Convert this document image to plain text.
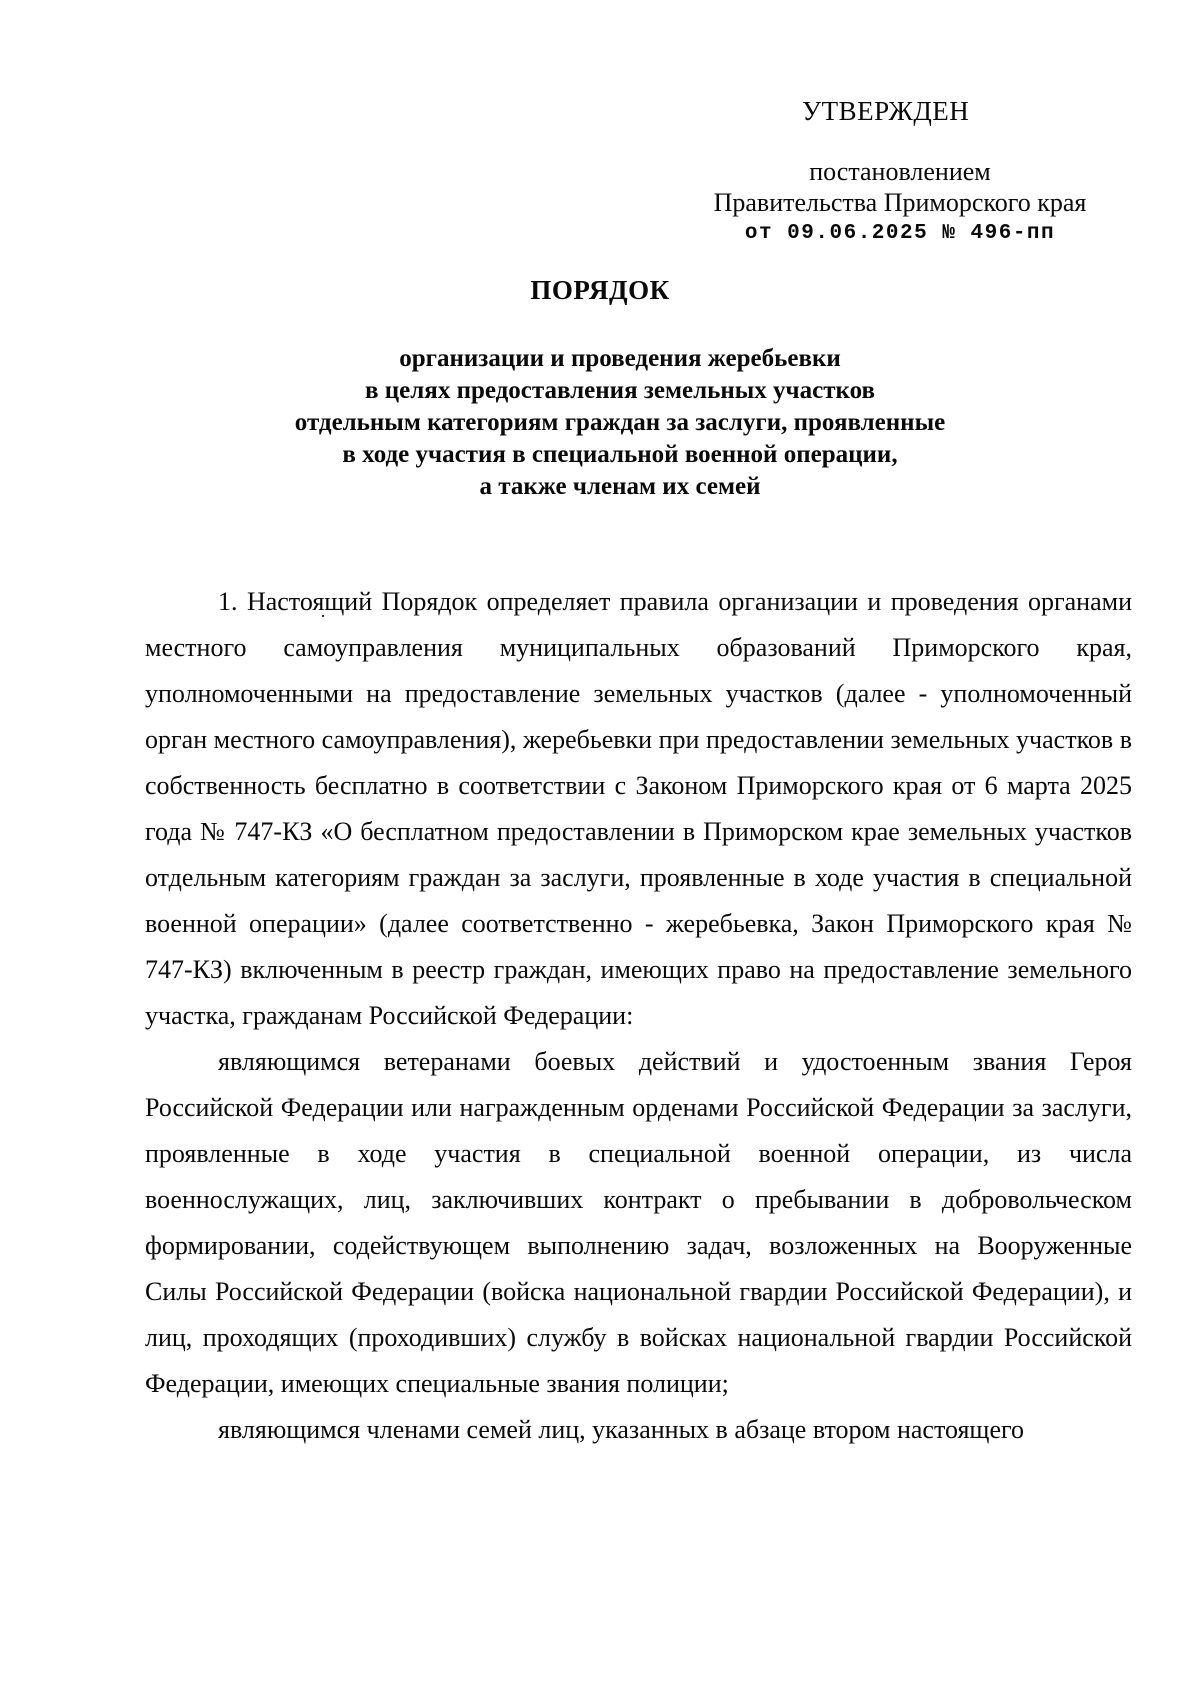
УТВЕРЖДЕН
постановлением
Правительства Приморского края
от 09.06.2025 № 496-пп
ПОРЯДОК
организации и проведения жеребьевки
в целях предоставления земельных участков
отдельным категориям граждан за заслуги, проявленные
в ходе участия в специальной военной операции,
а также членам их семей

1. Настоящий Порядок определяет правила организации и проведения органами местного самоуправления муниципальных образований Приморского края, уполномоченными на предоставление земельных участков (далее - уполномоченный орган местного самоуправления), жеребьевки при предоставлении земельных участков в собственность бесплатно в соответствии с Законом Приморского края от 6 марта 2025 года № 747-КЗ «О бесплатном предоставлении в Приморском крае земельных участков отдельным категориям граждан за заслуги, проявленные в ходе участия в специальной военной операции» (далее соответственно - жеребьевка, Закон Приморского края № 747-КЗ) включенным в реестр граждан, имеющих право на предоставление земельного участка, гражданам Российской Федерации:

являющимся ветеранами боевых действий и удостоенным звания Героя Российской Федерации или награжденным орденами Российской Федерации за заслуги, проявленные в ходе участия в специальной военной операции, из числа военнослужащих, лиц, заключивших контракт о пребывании в добровольческом формировании, содействующем выполнению задач, возложенных на Вооруженные Силы Российской Федерации (войска национальной гвардии Российской Федерации), и лиц, проходящих (проходивших) службу в войсках национальной гвардии Российской Федерации, имеющих специальные звания полиции;

являющимся членами семей лиц, указанных в абзаце втором настоящего
